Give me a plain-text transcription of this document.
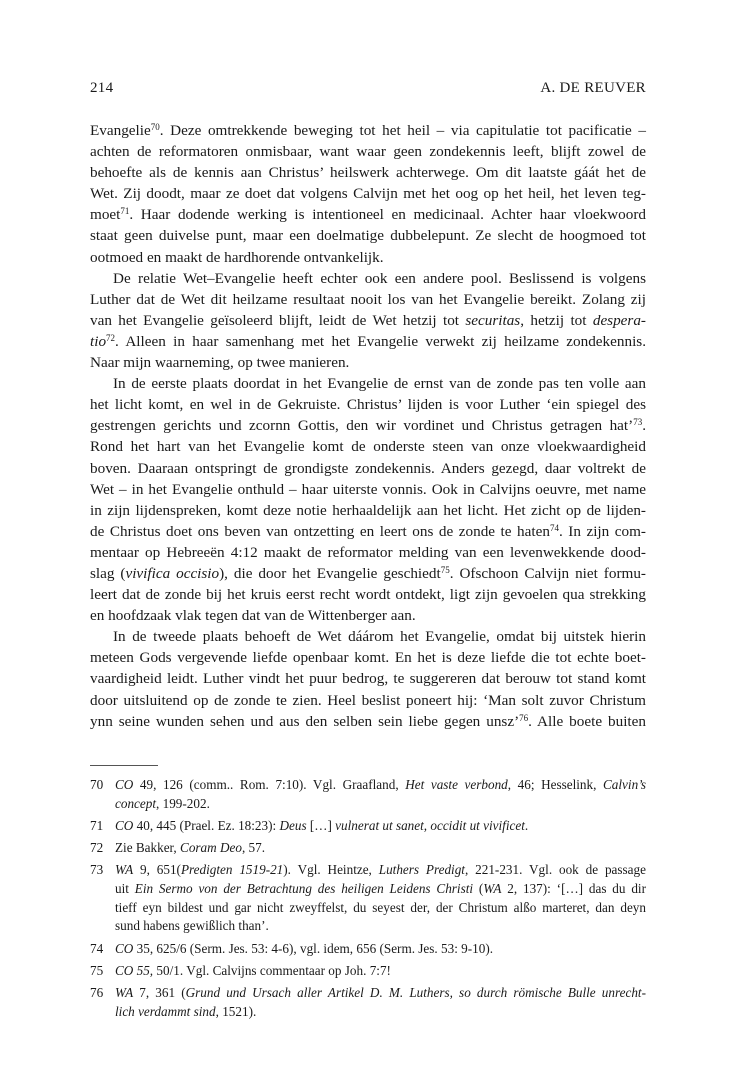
214	A. DE REUVER

Evangelie$^{70}$. Deze omtrekkende beweging tot het heil – via capitulatie tot pacificatie –
achten de reformatoren onmisbaar, want waar geen zondekennis leeft, blijft zowel de
behoefte als de kennis aan Christus’ heilswerk achterwege. Om dit laatste gáát het de
Wet. Zij doodt, maar ze doet dat volgens Calvijn met het oog op het heil, het leven teg-
moet$^{71}$. Haar dodende werking is intentioneel en medicinaal. Achter haar vloekwoord
staat geen duivelse punt, maar een doelmatige dubbelepunt. Ze slecht de hoogmoed tot
ootmoed en maakt de hardhorende ontvankelijk.

De relatie Wet–Evangelie heeft echter ook een andere pool. Beslissend is volgens
Luther dat de Wet dit heilzame resultaat nooit los van het Evangelie bereikt. Zolang zij
van het Evangelie geïsoleerd blijft, leidt de Wet hetzij tot securitas, hetzij tot despera-
tio$^{72}$. Alleen in haar samenhang met het Evangelie verwekt zij heilzame zondekennis.
Naar mijn waarneming, op twee manieren.

In de eerste plaats doordat in het Evangelie de ernst van de zonde pas ten volle aan
het licht komt, en wel in de Gekruiste. Christus’ lijden is voor Luther ‘ein spiegel des
gestrengen gerichts und zcornn Gottis, den wir vordinet und Christus getragen hat’$^{73}$.
Rond het hart van het Evangelie komt de onderste steen van onze vloekwaardigheid
boven. Daaraan ontspringt de grondigste zondekennis. Anders gezegd, daar voltrekt de
Wet – in het Evangelie onthuld – haar uiterste vonnis. Ook in Calvijns oeuvre, met name
in zijn lijdenspreken, komt deze notie herhaaldelijk aan het licht. Het zicht op de lijden-
de Christus doet ons beven van ontzetting en leert ons de zonde te haten$^{74}$. In zijn com-
mentaar op Hebreeën 4:12 maakt de reformator melding van een levenwekkende dood-
slag (vivifica occisio), die door het Evangelie geschiedt$^{75}$. Ofschoon Calvijn niet formu-
leert dat de zonde bij het kruis eerst recht wordt ontdekt, ligt zijn gevoelen qua strekking
en hoofdzaak vlak tegen dat van de Wittenberger aan.

In de tweede plaats behoeft de Wet dáárom het Evangelie, omdat bij uitstek hierin
meteen Gods vergevende liefde openbaar komt. En het is deze liefde die tot echte boet-
vaardigheid leidt. Luther vindt het puur bedrog, te suggereren dat berouw tot stand komt
door uitsluitend op de zonde te zien. Heel beslist poneert hij: ‘Man solt zuvor Christum
ynn seine wunden sehen und aus den selben sein liebe gegen unsz’$^{76}$. Alle boete buiten

70 CO 49, 126 (comm.. Rom. 7:10). Vgl. Graafland, Het vaste verbond, 46; Hesselink, Calvin’s
concept, 199-202.
71 CO 40, 445 (Prael. Ez. 18:23): Deus […] vulnerat ut sanet, occidit ut vivificet.
72 Zie Bakker, Coram Deo, 57.
73 WA 9, 651(Predigten 1519-21). Vgl. Heintze, Luthers Predigt, 221-231. Vgl. ook de passage
uit Ein Sermo von der Betrachtung des heiligen Leidens Christi (WA 2, 137): ‘[…] das du dir
tieff eyn bildest und gar nicht zweyffelst, du seyest der, der Christum alßo marteret, dan deyn
sund habens gewißlich than’.
74 CO 35, 625/6 (Serm. Jes. 53: 4-6), vgl. idem, 656 (Serm. Jes. 53: 9-10).
75 CO 55, 50/1. Vgl. Calvijns commentaar op Joh. 7:7!
76 WA 7, 361 (Grund und Ursach aller Artikel D. M. Luthers, so durch römische Bulle unrecht-
lich verdammt sind, 1521).
